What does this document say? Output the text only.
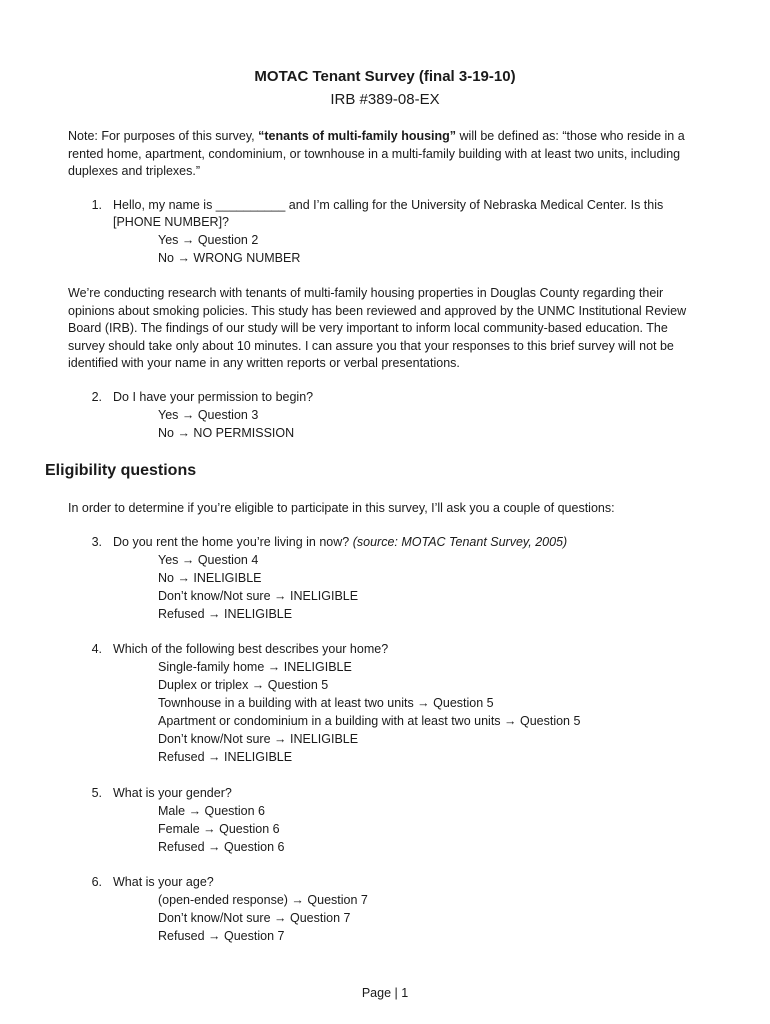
MOTAC Tenant Survey (final 3-19-10)
IRB #389-08-EX
Note: For purposes of this survey, “tenants of multi-family housing” will be defined as: “those who reside in a rented home, apartment, condominium, or townhouse in a multi-family building with at least two units, including duplexes and triplexes.”
1. Hello, my name is __________ and I’m calling for the University of Nebraska Medical Center. Is this
[PHONE NUMBER]?
Yes → Question 2
No → WRONG NUMBER
We’re conducting research with tenants of multi-family housing properties in Douglas County regarding their opinions about smoking policies. This study has been reviewed and approved by the UNMC Institutional Review Board (IRB). The findings of our study will be very important to inform local community-based education. The survey should take only about 10 minutes. I can assure you that your responses to this brief survey will not be identified with your name in any written reports or verbal presentations.
2. Do I have your permission to begin?
Yes → Question 3
No → NO PERMISSION
Eligibility questions
In order to determine if you’re eligible to participate in this survey, I’ll ask you a couple of questions:
3. Do you rent the home you’re living in now? (source: MOTAC Tenant Survey, 2005)
Yes → Question 4
No → INELIGIBLE
Don’t know/Not sure → INELIGIBLE
Refused → INELIGIBLE
4. Which of the following best describes your home?
Single-family home → INELIGIBLE
Duplex or triplex → Question 5
Townhouse in a building with at least two units → Question 5
Apartment or condominium in a building with at least two units → Question 5
Don’t know/Not sure → INELIGIBLE
Refused → INELIGIBLE
5. What is your gender?
Male → Question 6
Female → Question 6
Refused → Question 6
6. What is your age?
(open-ended response) → Question 7
Don’t know/Not sure → Question 7
Refused → Question 7
Page | 1
